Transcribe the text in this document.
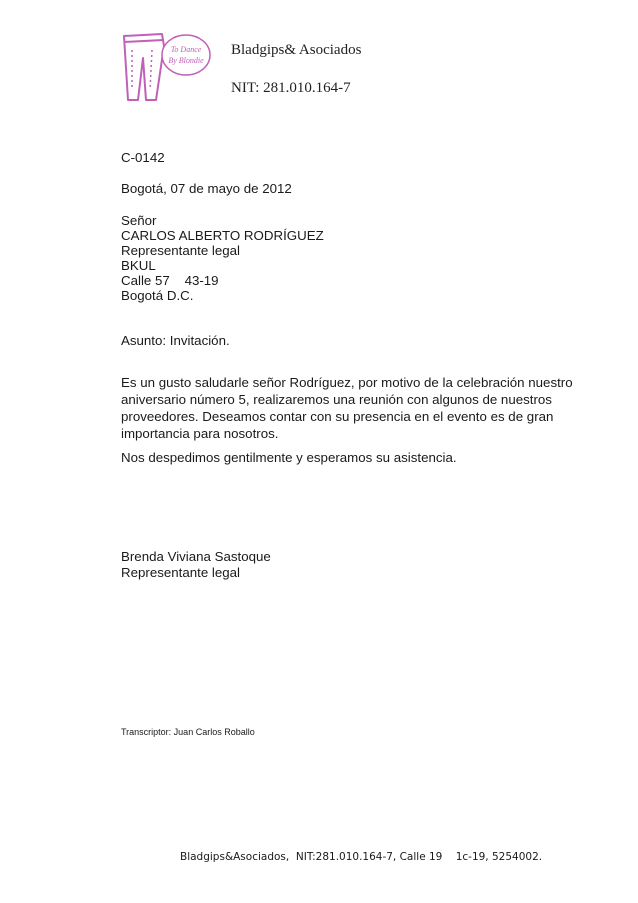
To Dance
By Blondie
Bladgips& Asociados
NIT: 281.010.164-7
C-0142
Bogotá, 07 de mayo de 2012
Señor
CARLOS ALBERTO RODRÍGUEZ
Representante legal
BKUL
Calle 57    43-19
Bogotá D.C.
Asunto: Invitación.
Es un gusto saludarle señor Rodríguez, por motivo de la celebración nuestro
aniversario número 5, realizaremos una reunión con algunos de nuestros
proveedores. Deseamos contar con su presencia en el evento es de gran
importancia para nosotros.
Nos despedimos gentilmente y esperamos su asistencia.
Brenda Viviana Sastoque
Representante legal
Transcriptor: Juan Carlos Roballo
Bladgips&Asociados,  NIT:281.010.164-7, Calle 19    1c-19, 5254002.
